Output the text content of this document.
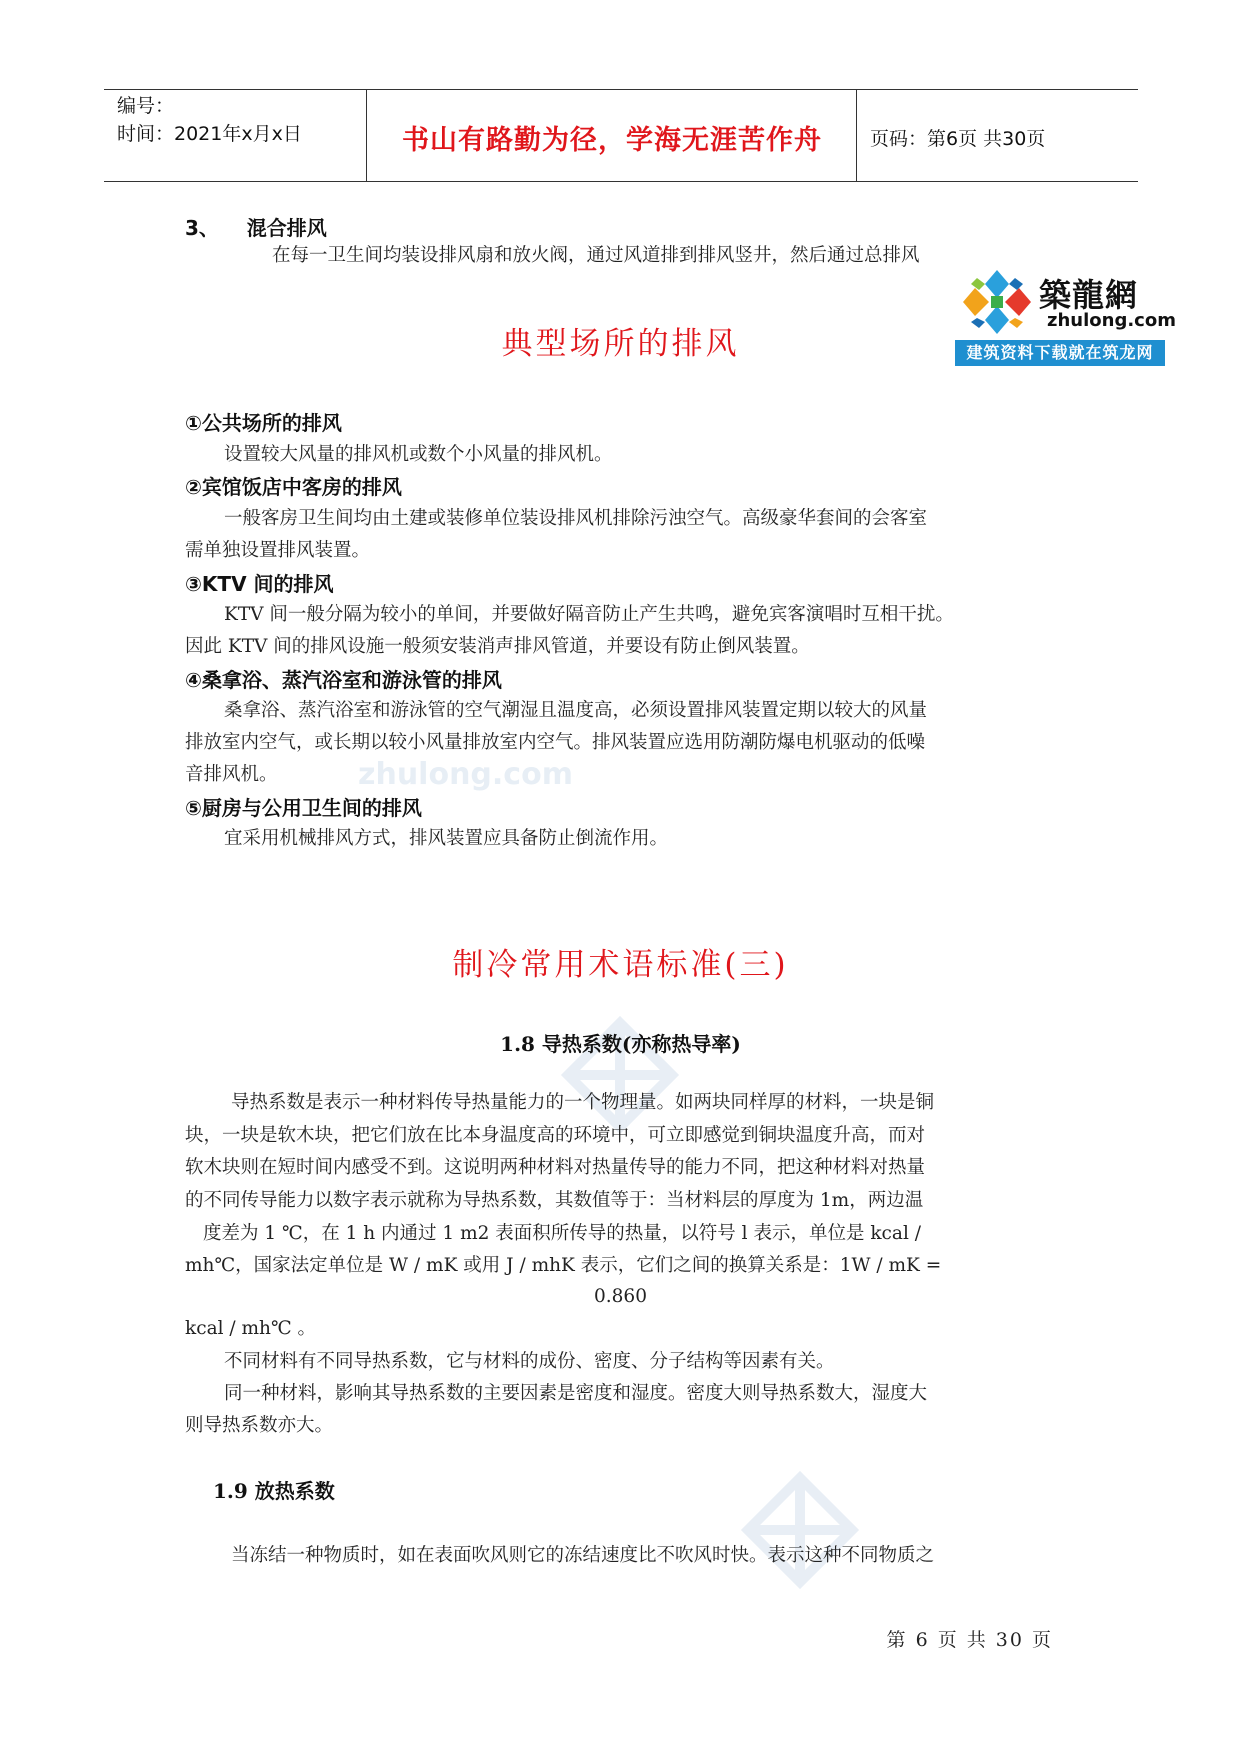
编号：
时间：2021年x月x日	书山有路勤为径，学海无涯苦作舟	页码：第6页 共30页
築龍網
zhulong.com
建筑资料下载就在筑龙网
zhulong.com
3、    混合排风
在每一卫生间均装设排风扇和放火阀，通过风道排到排风竖井，然后通过总排风
典型场所的排风
①公共场所的排风
设置较大风量的排风机或数个小风量的排风机。
②宾馆饭店中客房的排风
一般客房卫生间均由土建或装修单位装设排风机排除污浊空气。高级豪华套间的会客室
需单独设置排风装置。
③KTV 间的排风
KTV 间一般分隔为较小的单间，并要做好隔音防止产生共鸣，避免宾客演唱时互相干扰。
因此 KTV 间的排风设施一般须安装消声排风管道，并要设有防止倒风装置。
④桑拿浴、蒸汽浴室和游泳管的排风
桑拿浴、蒸汽浴室和游泳管的空气潮湿且温度高，必须设置排风装置定期以较大的风量
排放室内空气，或长期以较小风量排放室内空气。排风装置应选用防潮防爆电机驱动的低噪
音排风机。
⑤厨房与公用卫生间的排风
宜采用机械排风方式，排风装置应具备防止倒流作用。
制冷常用术语标准(三)
1.8 导热系数(亦称热导率)
导热系数是表示一种材料传导热量能力的一个物理量。如两块同样厚的材料，一块是铜
块，一块是软木块，把它们放在比本身温度高的环境中，可立即感觉到铜块温度升高，而对
软木块则在短时间内感受不到。这说明两种材料对热量传导的能力不同，把这种材料对热量
的不同传导能力以数字表示就称为导热系数，其数值等于：当材料层的厚度为 1m，两边温
度差为 1 ℃，在 1 h 内通过 1 m2 表面积所传导的热量，以符号 l 表示，单位是 kcal /
mh℃，国家法定单位是 W / mK 或用 J / mhK 表示，它们之间的换算关系是：1W / mK =
0.860
kcal / mh℃ 。
不同材料有不同导热系数，它与材料的成份、密度、分子结构等因素有关。
同一种材料，影响其导热系数的主要因素是密度和湿度。密度大则导热系数大，湿度大
则导热系数亦大。
1.9 放热系数
当冻结一种物质时，如在表面吹风则它的冻结速度比不吹风时快。表示这种不同物质之
第 6 页 共 30 页
